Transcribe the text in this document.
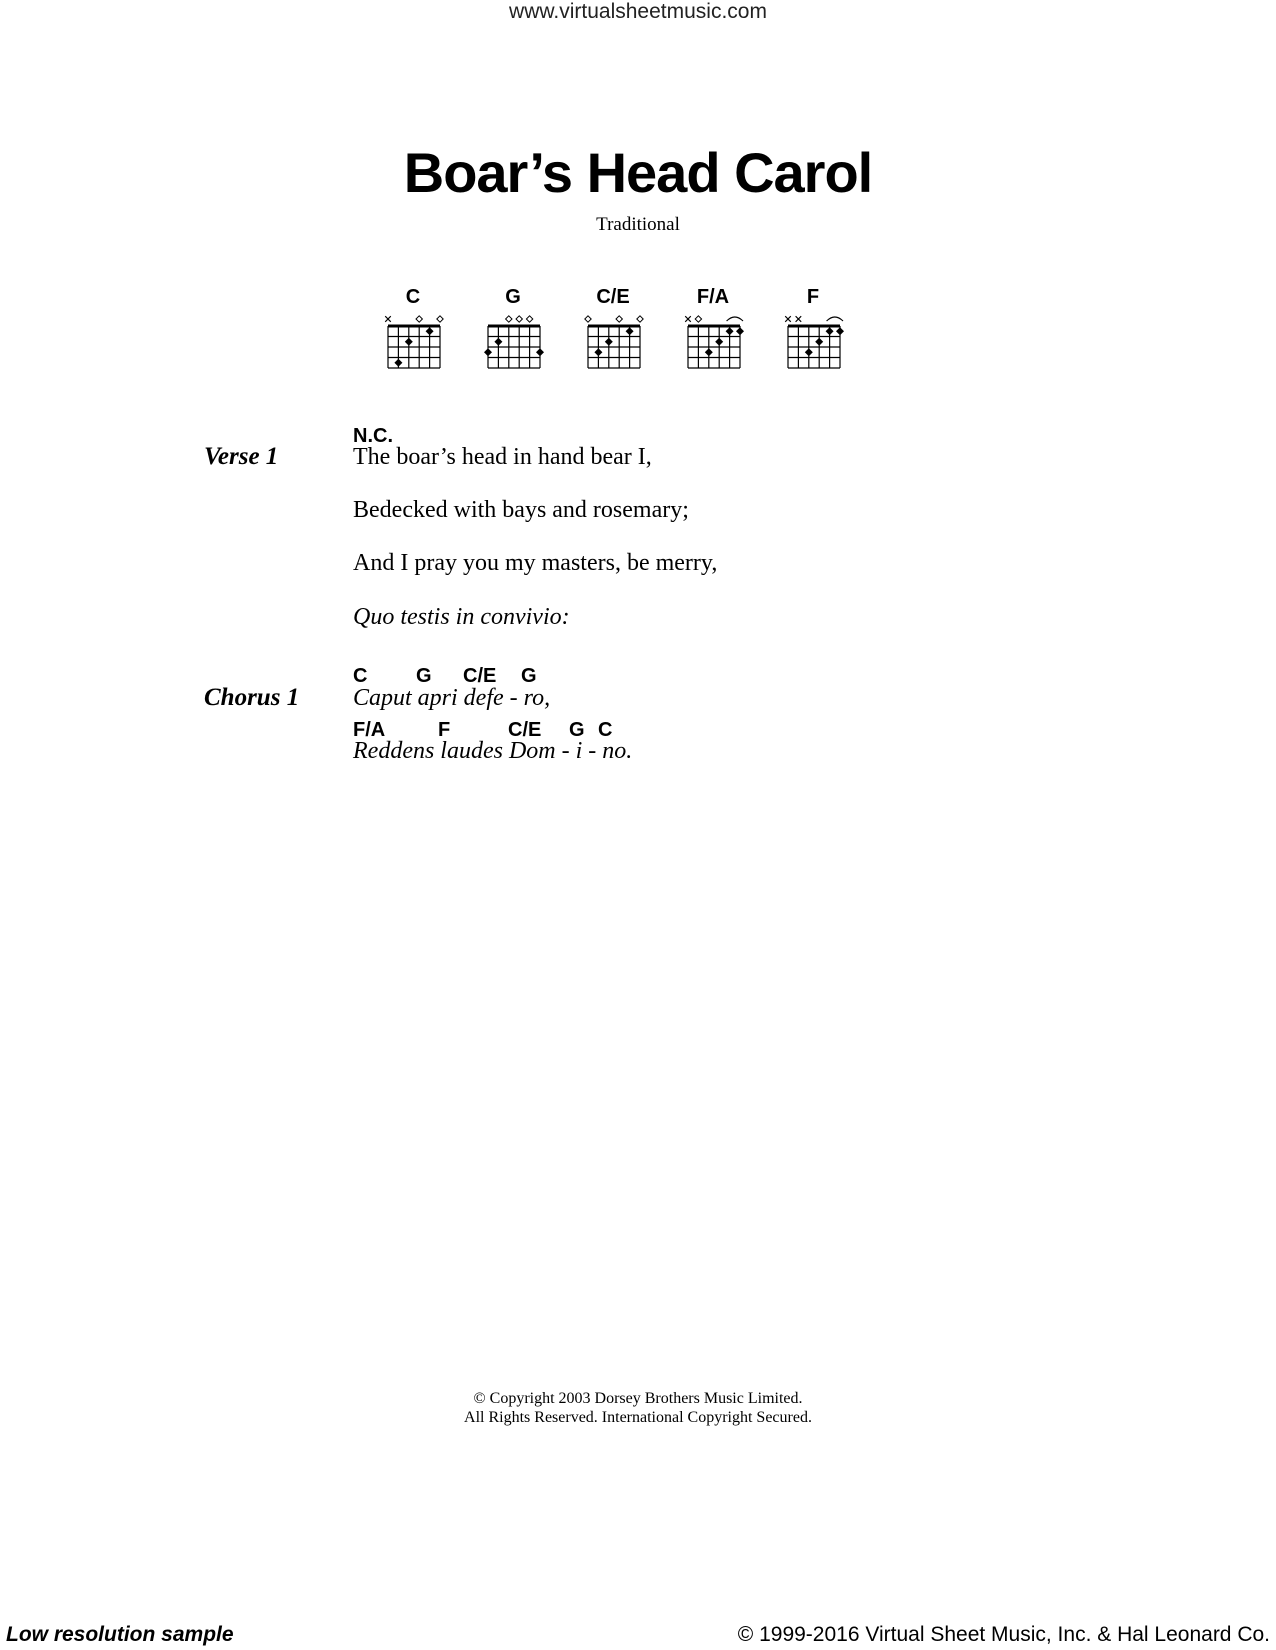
www.virtualsheetmusic.com
Boar’s Head Carol
Traditional
C	G	C/E	F/A	F
Verse 1
N.C.
The boar’s head in hand bear I,
Bedecked with bays and rosemary;
And I pray you my masters, be merry,
Quo testis in convivio:
Chorus 1
C G C/E G
Caput apri defe - ro,
F/A	F	C/E G C
Reddens laudes Dom - i - no.
© Copyright 2003 Dorsey Brothers Music Limited.
All Rights Reserved. International Copyright Secured.
Low resolution sample	© 1999-2016 Virtual Sheet Music, Inc. & Hal Leonard Co.
